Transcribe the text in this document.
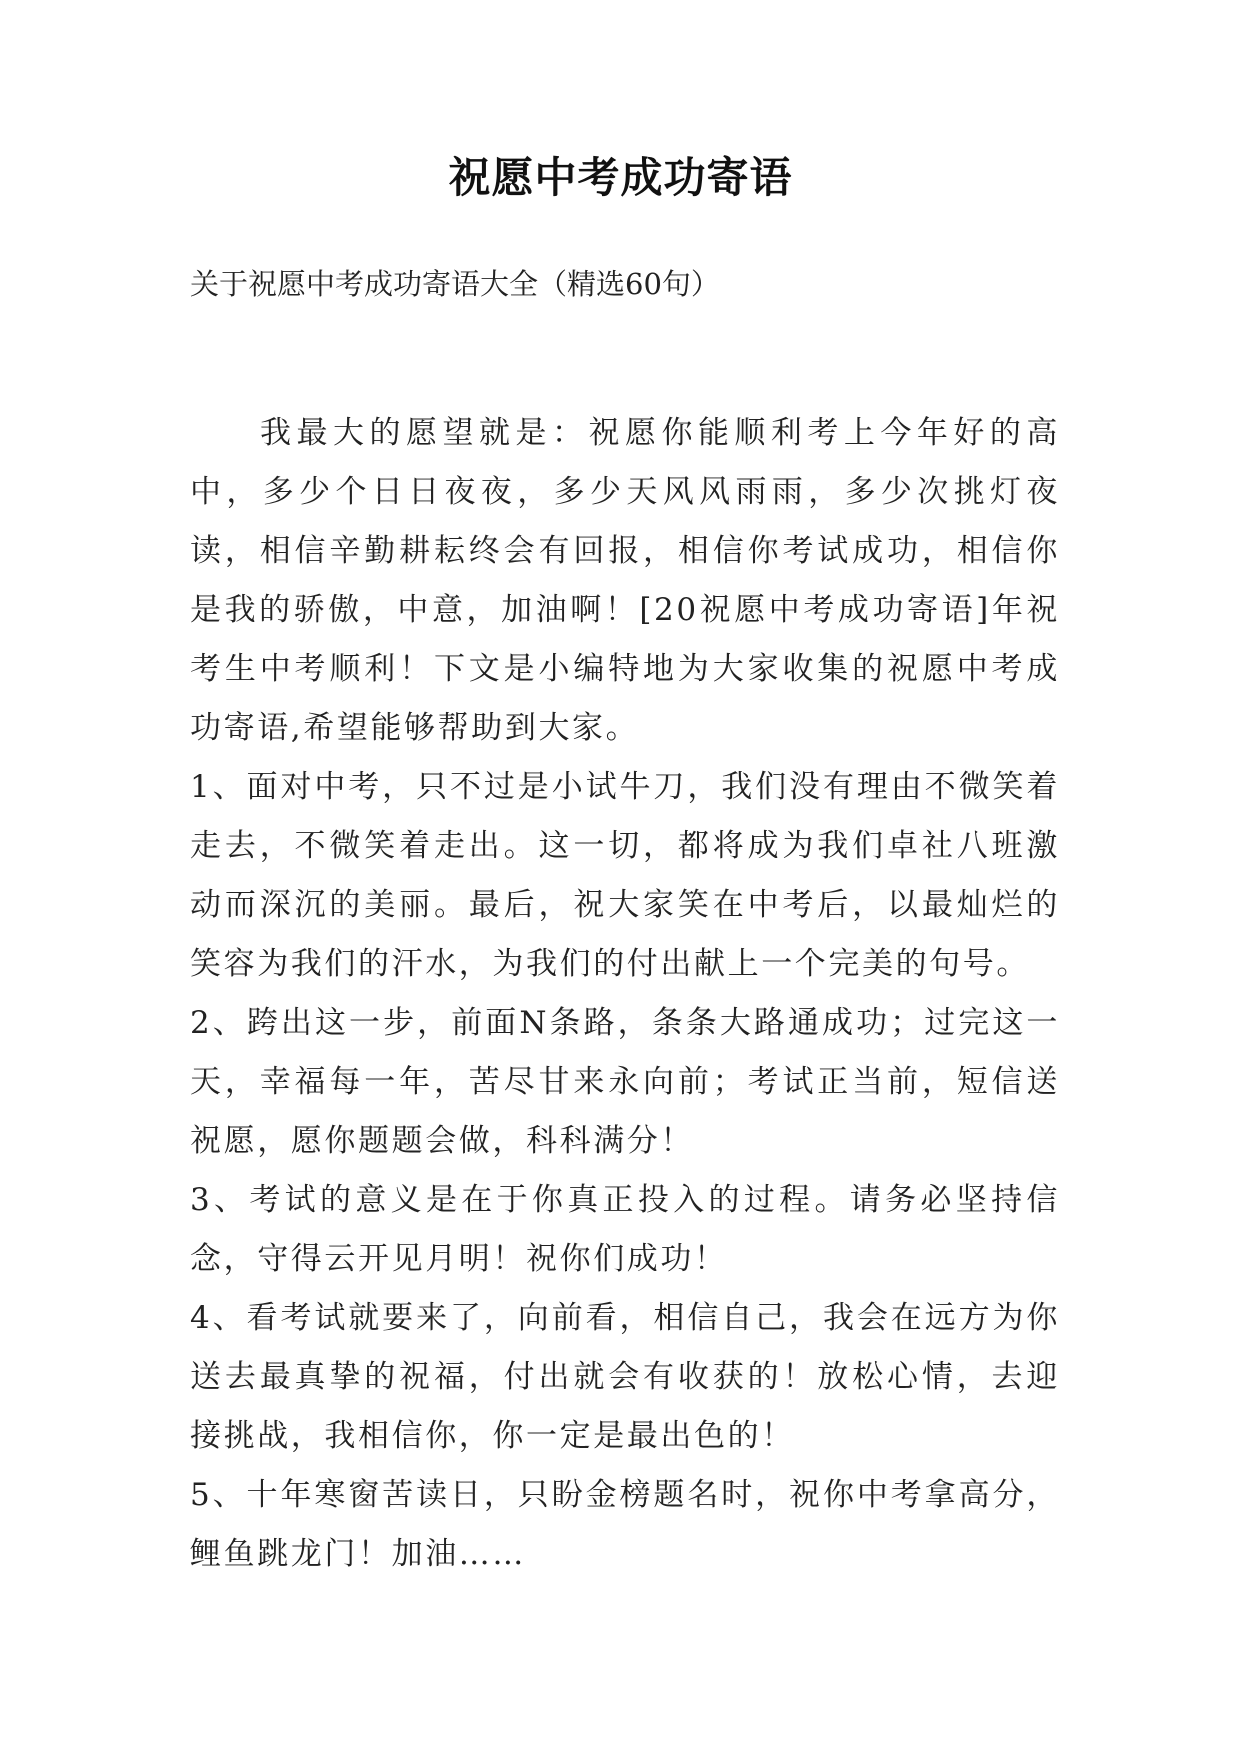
祝愿中考成功寄语
关于祝愿中考成功寄语大全（精选60句）

我最大的愿望就是：祝愿你能顺利考上今年好的高中，多少个日日夜夜，多少天风风雨雨，多少次挑灯夜读，相信辛勤耕耘终会有回报，相信你考试成功，相信你是我的骄傲，中意，加油啊！[20祝愿中考成功寄语]年祝考生中考顺利！下文是小编特地为大家收集的祝愿中考成功寄语,希望能够帮助到大家。

1、面对中考，只不过是小试牛刀，我们没有理由不微笑着走去，不微笑着走出。这一切，都将成为我们卓社八班激动而深沉的美丽。最后，祝大家笑在中考后，以最灿烂的笑容为我们的汗水，为我们的付出献上一个完美的句号。

2、跨出这一步，前面N条路，条条大路通成功；过完这一天，幸福每一年，苦尽甘来永向前；考试正当前，短信送祝愿，愿你题题会做，科科满分！

3、考试的意义是在于你真正投入的过程。请务必坚持信念，守得云开见月明！祝你们成功！

4、看考试就要来了，向前看，相信自己，我会在远方为你送去最真挚的祝福，付出就会有收获的！放松心情，去迎接挑战，我相信你，你一定是最出色的！

5、十年寒窗苦读日，只盼金榜题名时，祝你中考拿高分，鲤鱼跳龙门！加油……
